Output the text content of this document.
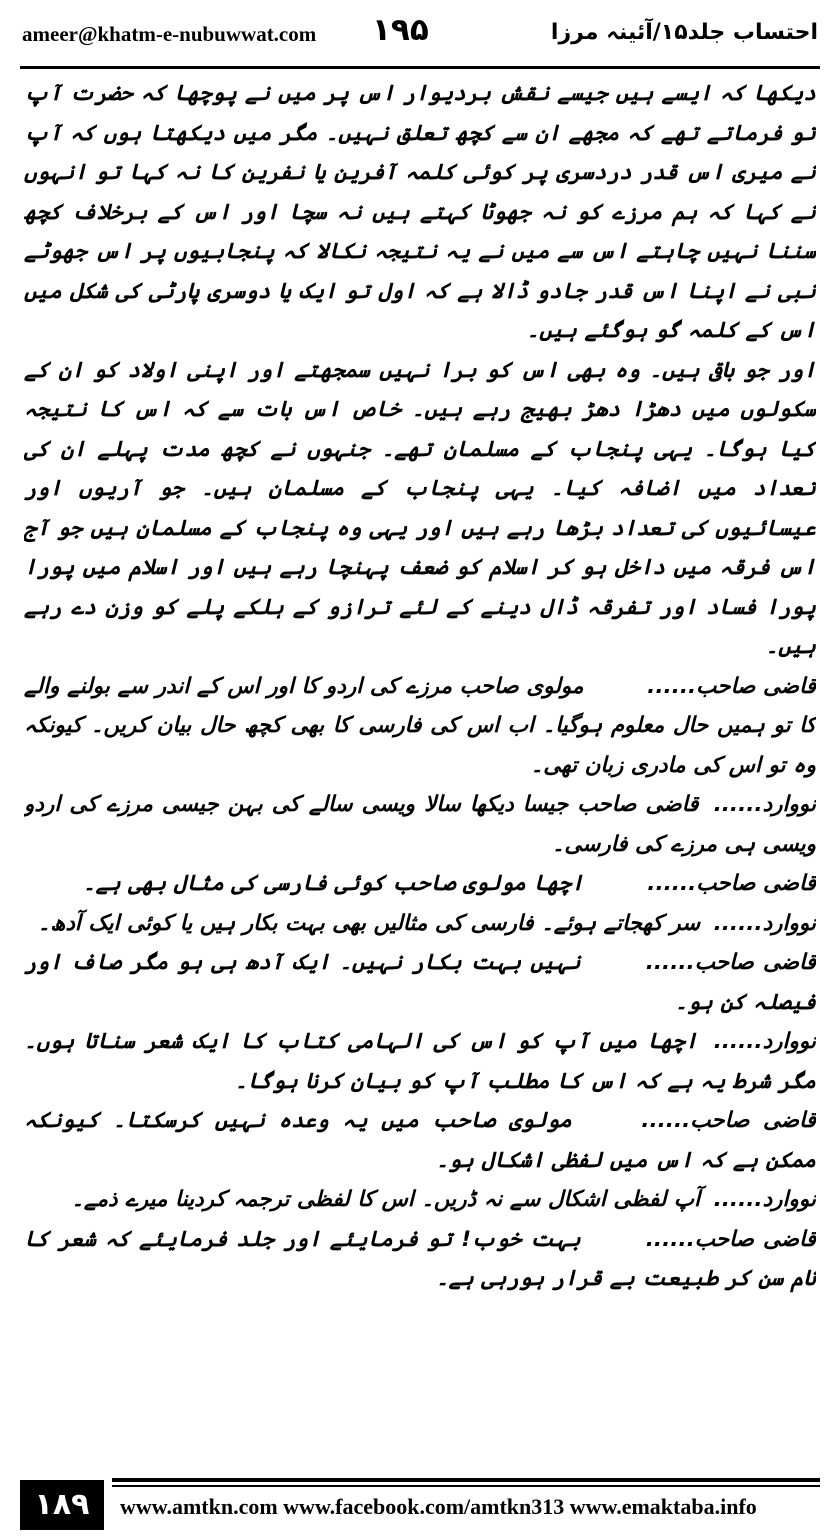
ameer@khatm-e-nubuwwat.com ۱۹۵	احتساب جلد۱۵/آئینہ مرزا

دیکھا کہ ایسے ہیں جیسے نقش بردیوار اس پر میں نے پوچھا کہ حضرت آپ تو فرماتے تھے کہ مجھے ان سے کچھ تعلق نہیں۔ مگر میں دیکھتا ہوں کہ آپ نے میری اس قدر دردسری پر کوئی کلمہ آفرین یا نفرین کا نہ کہا تو انہوں نے کہا کہ ہم مرزے کو نہ جھوٹا کہتے ہیں نہ سچا اور اس کے برخلاف کچھ سننا نہیں چاہتے اس سے میں نے یہ نتیجہ نکالا کہ پنجابیوں پر اس جھوٹے نبی نے اپنا اس قدر جادو ڈالا ہے کہ اول تو ایک یا دوسری پارٹی کی شکل میں اس کے کلمہ گو ہوگئے ہیں۔

اور جو باقی ہیں۔ وہ بھی اس کو برا نہیں سمجھتے اور اپنی اولاد کو ان کے سکولوں میں دھڑا دھڑ بھیج رہے ہیں۔ خاص اس بات سے کہ اس کا نتیجہ کیا ہوگا۔ یہی پنجاب کے مسلمان تھے۔ جنہوں نے کچھ مدت پہلے ان کی تعداد میں اضافہ کیا۔ یہی پنجاب کے مسلمان ہیں۔ جو آریوں اور عیسائیوں کی تعداد بڑھا رہے ہیں اور یہی وہ پنجاب کے مسلمان ہیں جو آج اس فرقہ میں داخل ہو کر اسلام کو ضعف پہنچا رہے ہیں اور اسلام میں پورا پورا فساد اور تفرقہ ڈال دینے کے لئے ترازو کے ہلکے پلے کو وزن دے رہے ہیں۔

قاضی صاحب...... مولوی صاحب مرزے کی اردو کا اور اس کے اندر سے بولنے والے کا تو ہمیں حال معلوم ہوگیا۔ اب اس کی فارسی کا بھی کچھ حال بیان کریں۔ کیونکہ وہ تو اس کی مادری زبان تھی۔

نووارد...... قاضی صاحب جیسا دیکھا سالا ویسی سالے کی بہن جیسی مرزے کی اردو ویسی ہی مرزے کی فارسی۔

قاضی صاحب...... اچھا مولوی صاحب کوئی فارسی کی مثال بھی ہے۔

نووارد...... سر کھجاتے ہوئے۔ فارسی کی مثالیں بھی بہت بکار ہیں یا کوئی ایک آدھ۔

قاضی صاحب...... نہیں بہت بکار نہیں۔ ایک آدھ ہی ہو مگر صاف اور فیصلہ کن ہو۔

نووارد...... اچھا میں آپ کو اس کی الہامی کتاب کا ایک شعر سناتا ہوں۔ مگر شرط یہ ہے کہ اس کا مطلب آپ کو بیان کرنا ہوگا۔

قاضی صاحب...... مولوی صاحب میں یہ وعدہ نہیں کرسکتا۔ کیونکہ ممکن ہے کہ اس میں لفظی اشکال ہو۔

نووارد...... آپ لفظی اشکال سے نہ ڈریں۔ اس کا لفظی ترجمہ کردینا میرے ذمے۔

قاضی صاحب...... بہت خوب! تو فرمایئے اور جلد فرمایئے کہ شعر کا نام سن کر طبیعت بے قرار ہورہی ہے۔

۱۸۹	www.amtkn.com www.facebook.com/amtkn313 www.emaktaba.info
